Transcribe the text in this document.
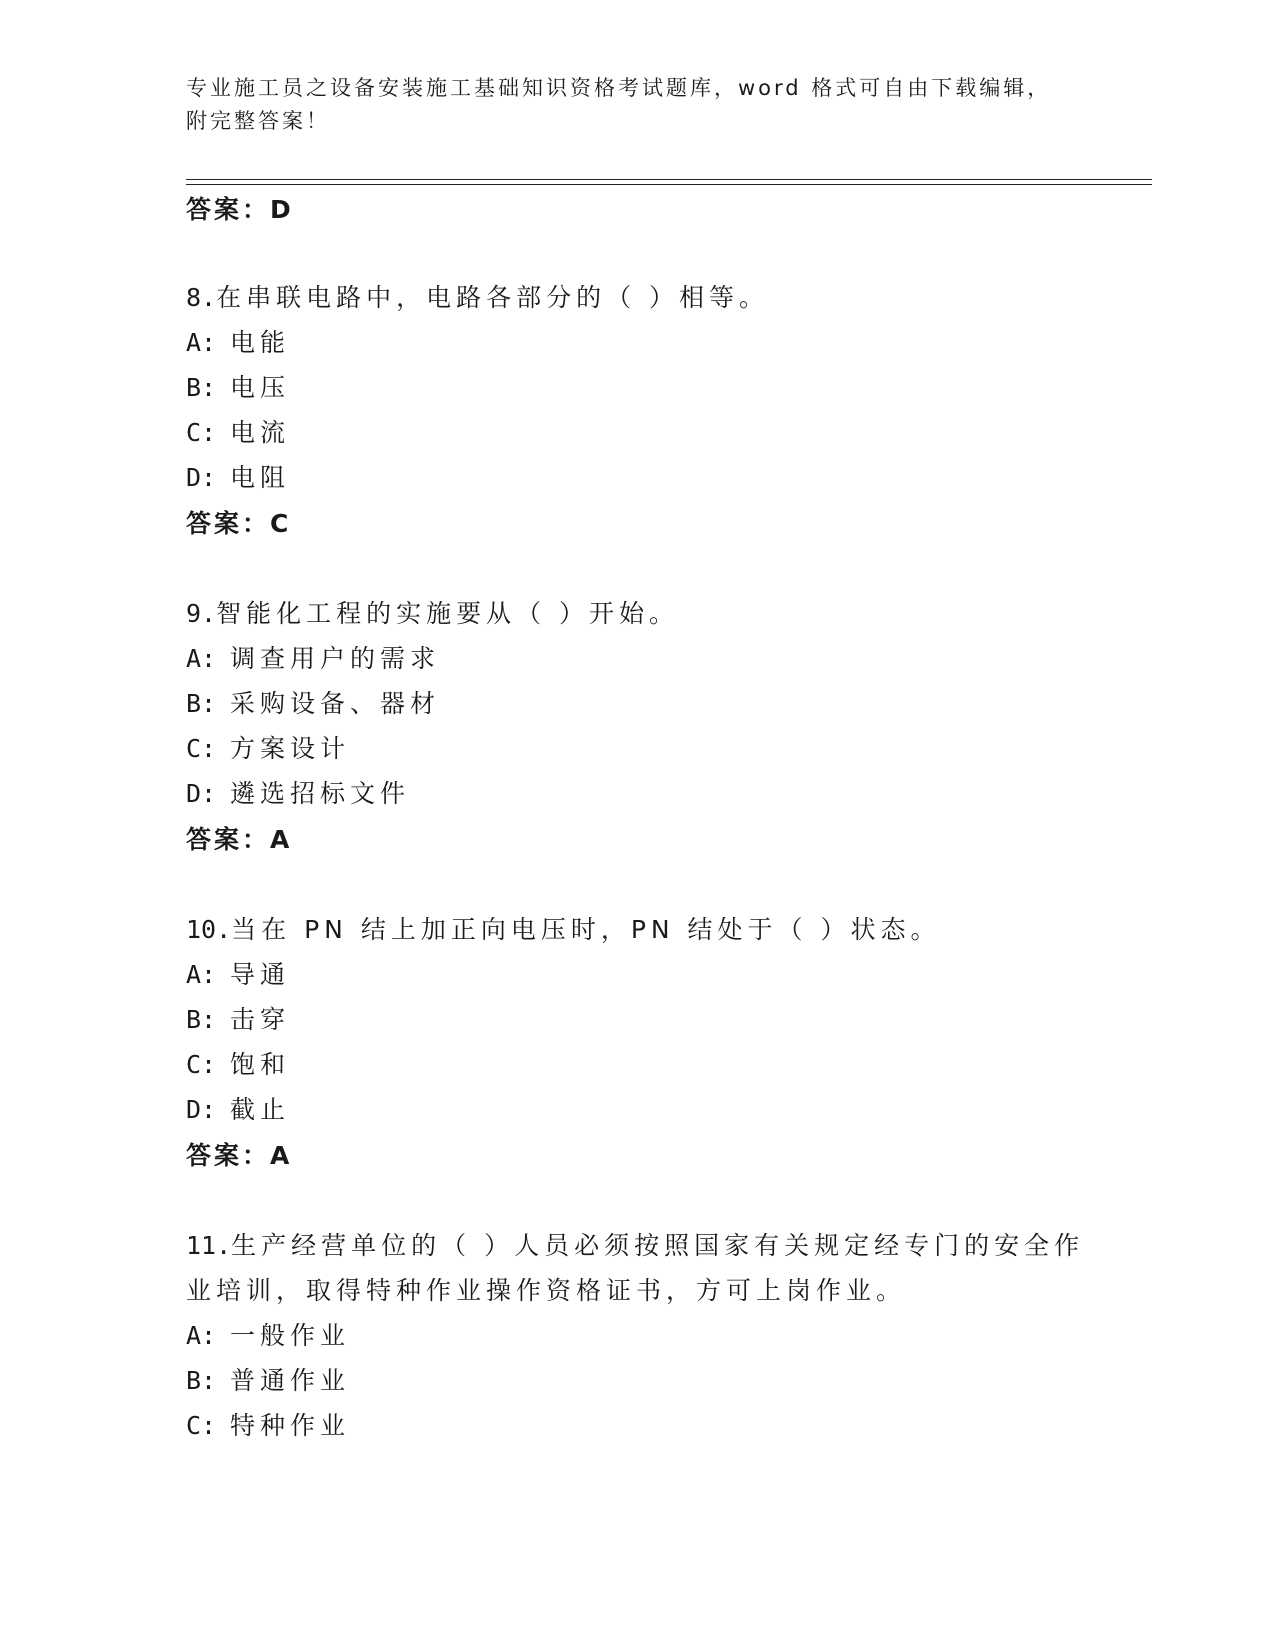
专业施工员之设备安装施工基础知识资格考试题库，word 格式可自由下载编辑，
附完整答案！
答案：D
8.在串联电路中，电路各部分的（ ）相等。
A: 电能
B: 电压
C: 电流
D: 电阻
答案：C
9.智能化工程的实施要从（ ）开始。
A: 调查用户的需求
B: 采购设备、器材
C: 方案设计
D: 遴选招标文件
答案：A
10.当在 PN 结上加正向电压时，PN 结处于（ ）状态。
A: 导通
B: 击穿
C: 饱和
D: 截止
答案：A
11.生产经营单位的（ ）人员必须按照国家有关规定经专门的安全作
业培训，取得特种作业操作资格证书，方可上岗作业。
A: 一般作业
B: 普通作业
C: 特种作业
